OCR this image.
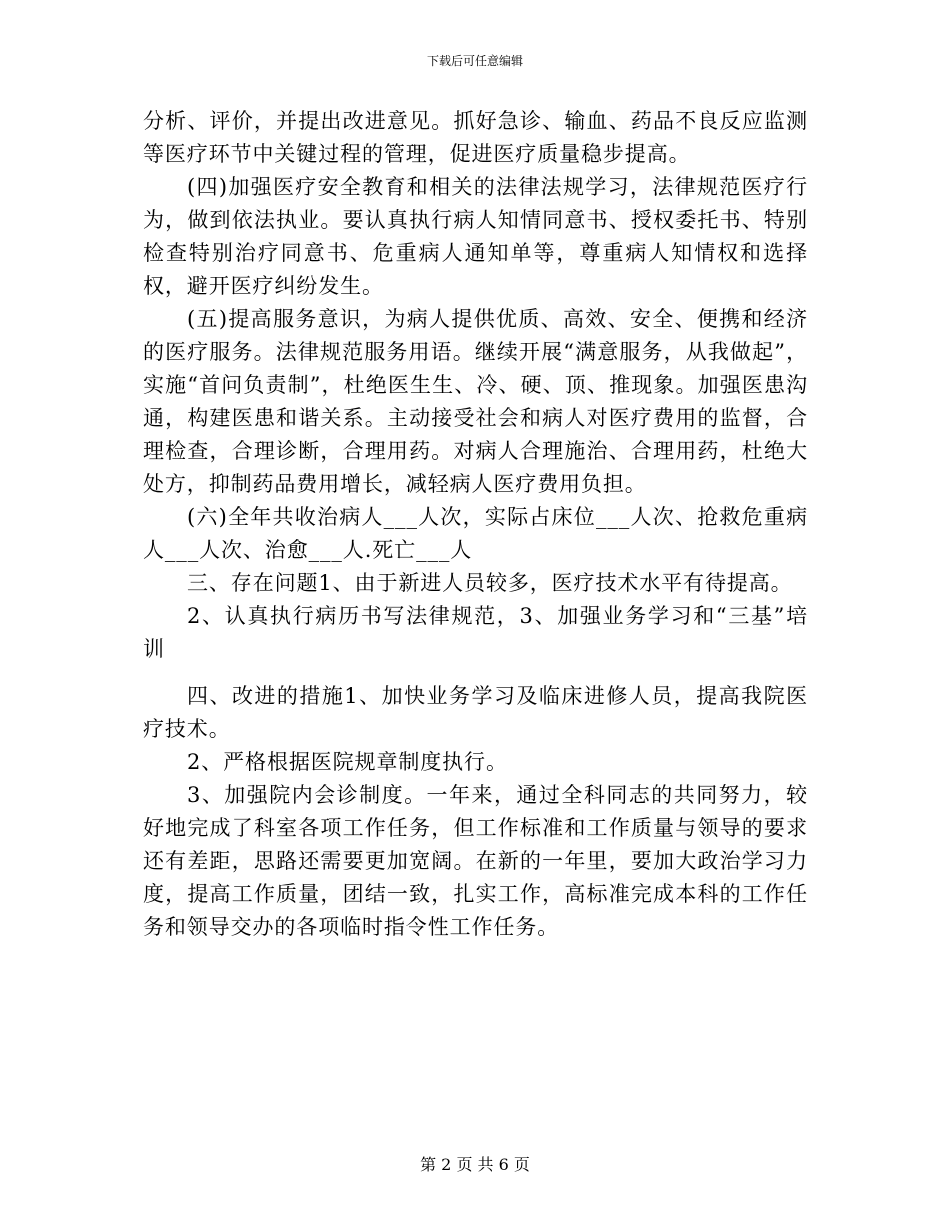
下载后可任意编辑

分析、评价，并提出改进意见。抓好急诊、输血、药品不良反应监测等医疗环节中关键过程的管理，促进医疗质量稳步提高。

(四)加强医疗安全教育和相关的法律法规学习，法律规范医疗行为，做到依法执业。要认真执行病人知情同意书、授权委托书、特别检查特别治疗同意书、危重病人通知单等，尊重病人知情权和选择权，避开医疗纠纷发生。

(五)提高服务意识，为病人提供优质、高效、安全、便携和经济的医疗服务。法律规范服务用语。继续开展“满意服务，从我做起”，实施“首问负责制”，杜绝医生生、冷、硬、顶、推现象。加强医患沟通，构建医患和谐关系。主动接受社会和病人对医疗费用的监督，合理检查，合理诊断，合理用药。对病人合理施治、合理用药，杜绝大处方，抑制药品费用增长，减轻病人医疗费用负担。

(六)全年共收治病人___人次，实际占床位___人次、抢救危重病人___人次、治愈___人.死亡___人

三、存在问题1、由于新进人员较多，医疗技术水平有待提高。

2、认真执行病历书写法律规范，3、加强业务学习和“三基”培训

四、改进的措施1、加快业务学习及临床进修人员，提高我院医疗技术。

2、严格根据医院规章制度执行。

3、加强院内会诊制度。一年来，通过全科同志的共同努力，较好地完成了科室各项工作任务，但工作标准和工作质量与领导的要求还有差距，思路还需要更加宽阔。在新的一年里，要加大政治学习力度，提高工作质量，团结一致，扎实工作，高标准完成本科的工作任务和领导交办的各项临时指令性工作任务。

第 2 页 共 6 页
